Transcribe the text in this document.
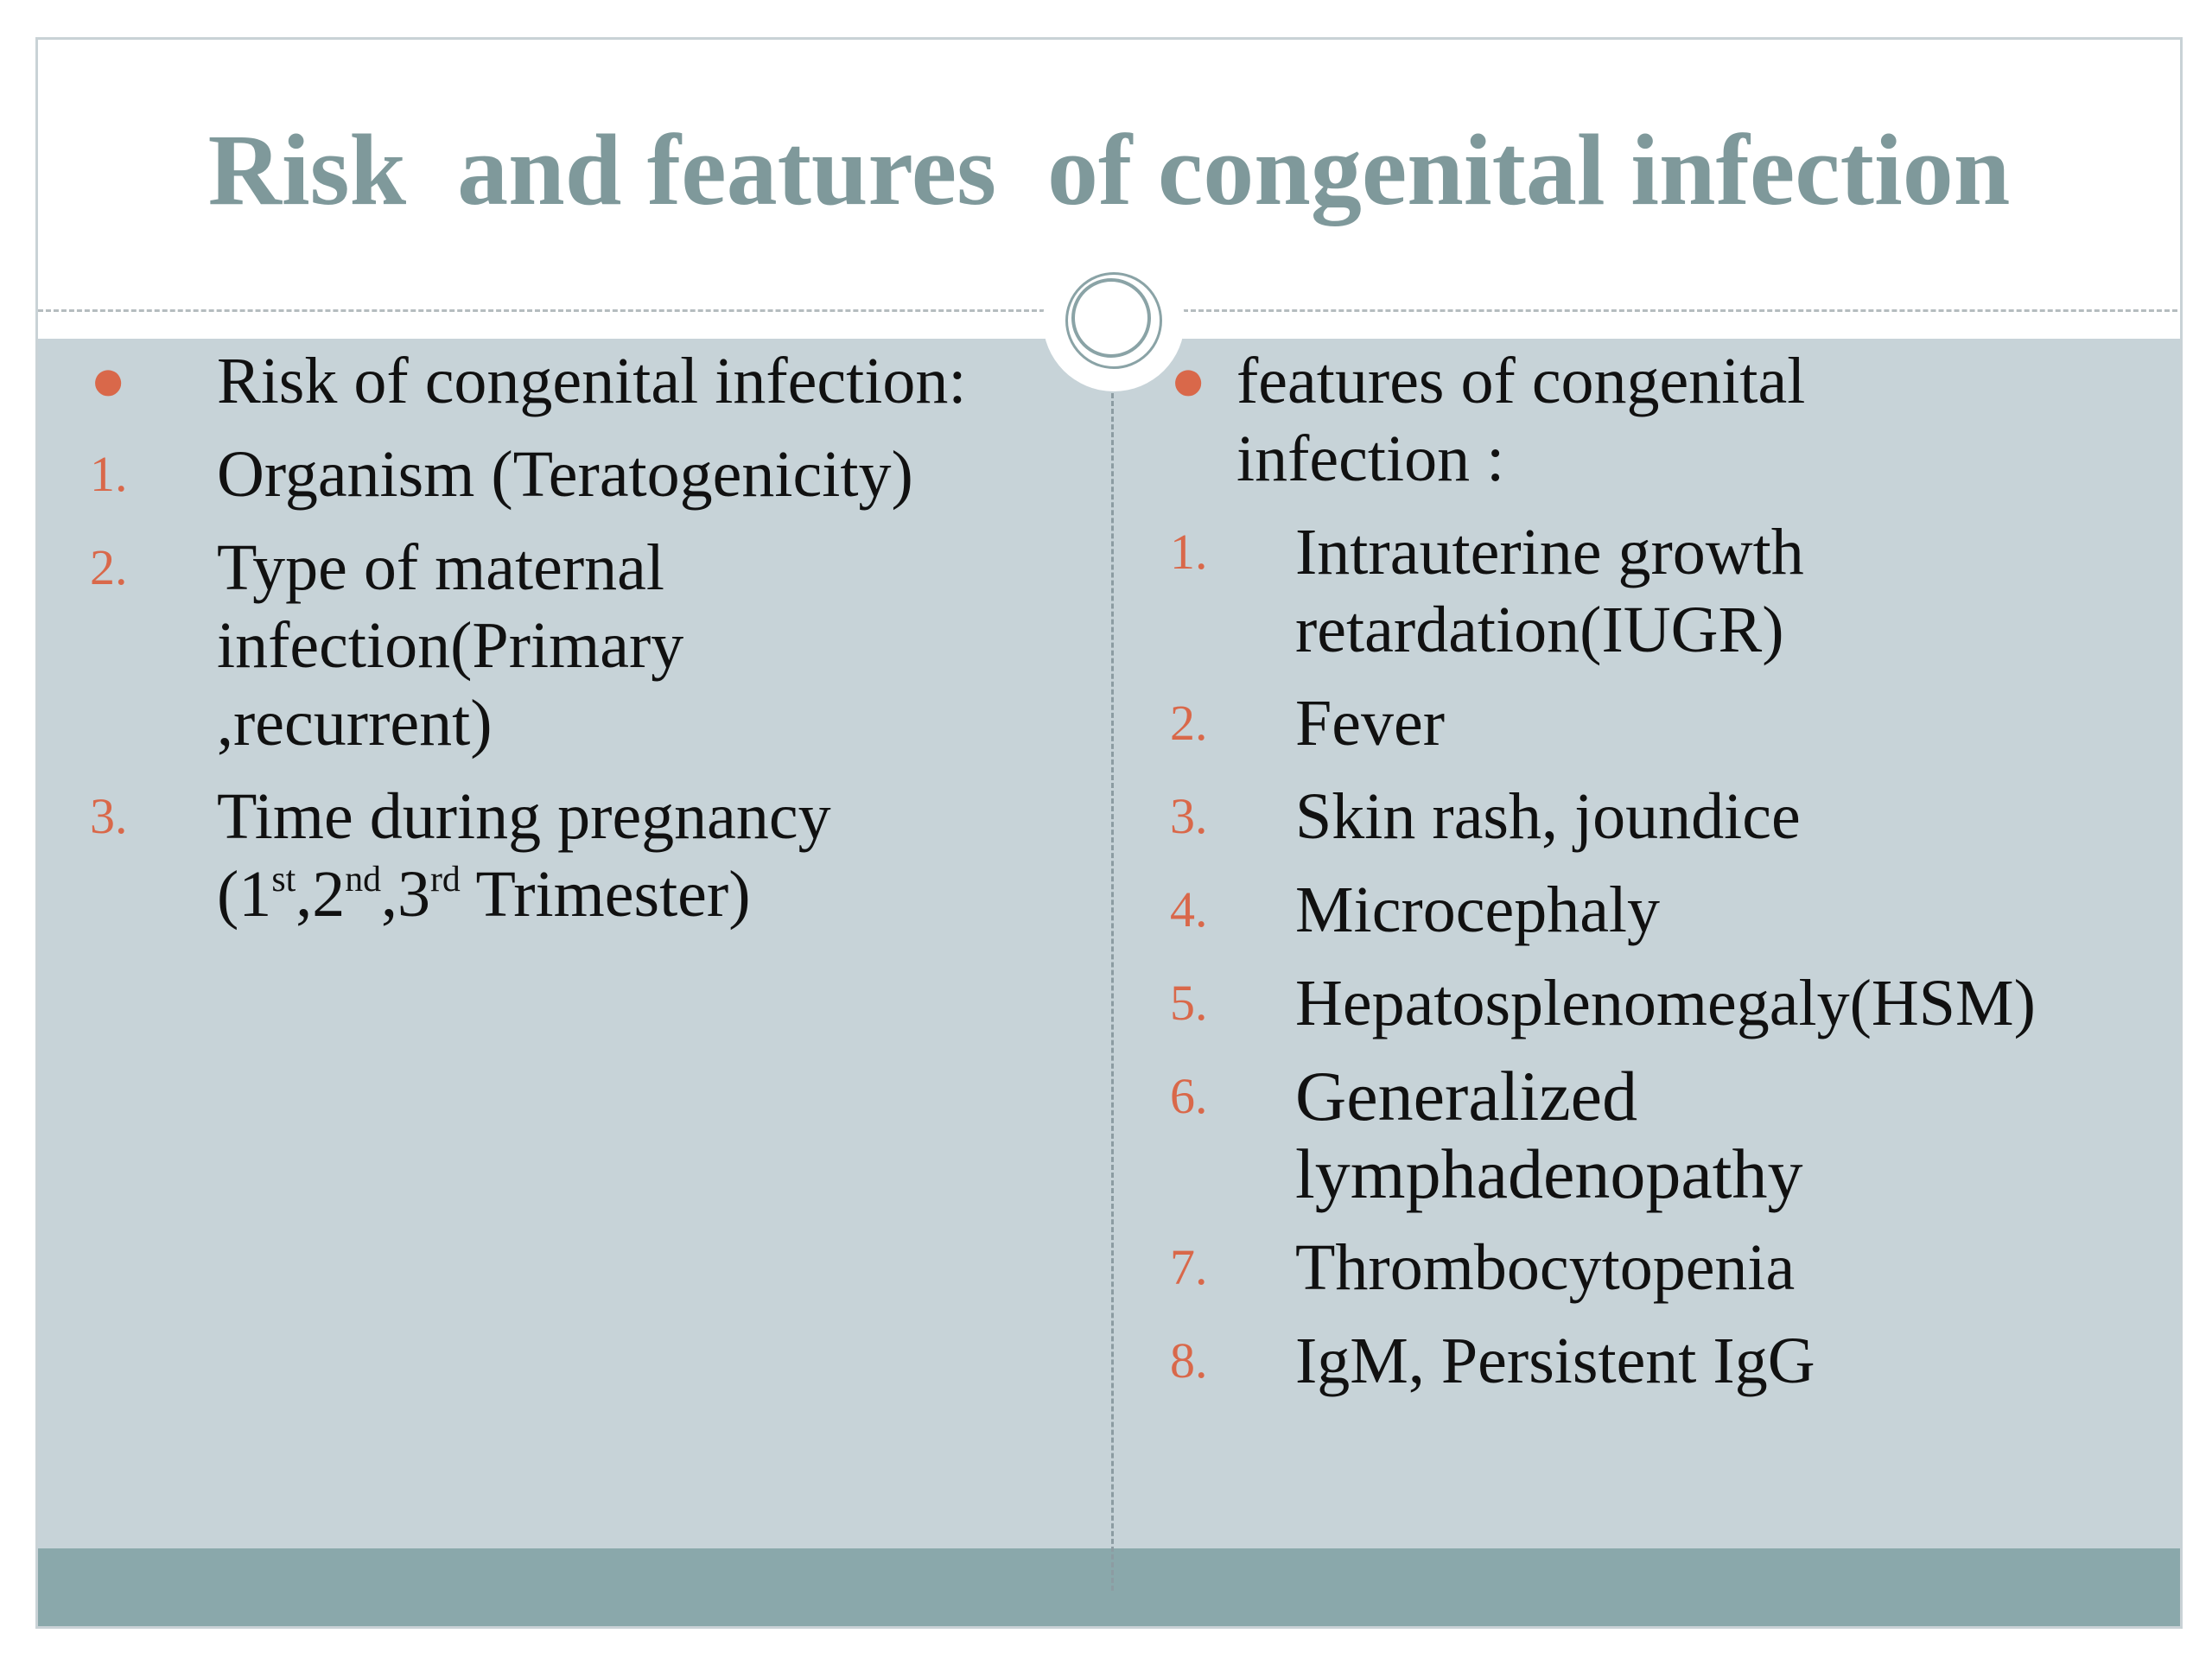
Risk  and features  of congenital infection
●	Risk of congenital infection:
1.	Organism (Teratogenicity)
2.	Type of maternal
infection(Primary
,recurrent)
3.	Time during pregnancy
(1st,2nd,3rd Trimester)
● features of congenital
infection :
1.	Intrauterine growth
retardation(IUGR)
2.	Fever
3.	Skin rash, joundice
4.	Microcephaly
5.	Hepatosplenomegaly(HSM)
6.	Generalized
lymphadenopathy
7.	Thrombocytopenia
8.	IgM, Persistent IgG
